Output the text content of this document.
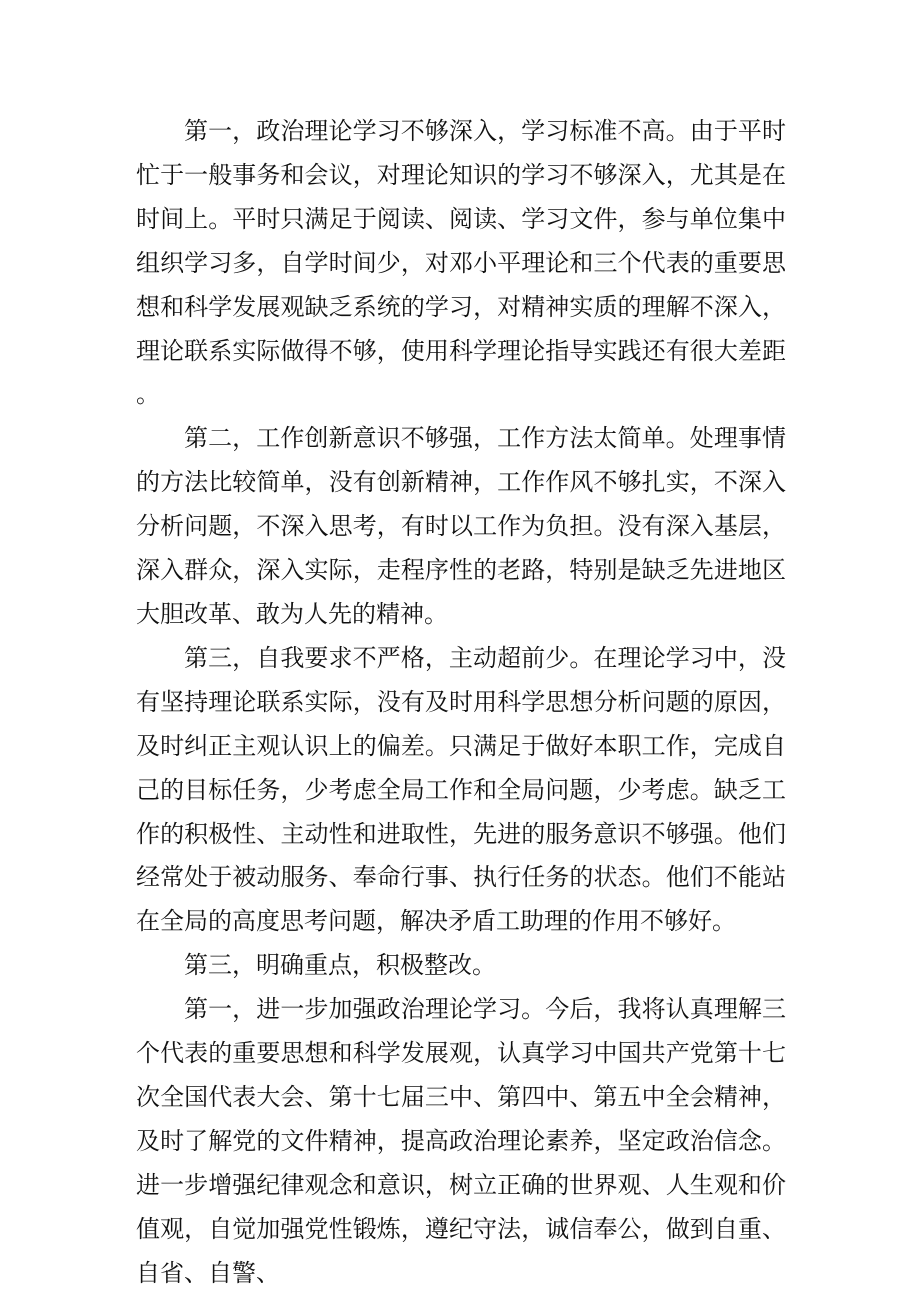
第一，政治理论学习不够深入，学习标准不高。由于平时忙于一般事务和会议，对理论知识的学习不够深入，尤其是在时间上。平时只满足于阅读、阅读、学习文件，参与单位集中组织学习多，自学时间少，对邓小平理论和三个代表的重要思想和科学发展观缺乏系统的学习，对精神实质的理解不深入，理论联系实际做得不够，使用科学理论指导实践还有很大差距。

第二，工作创新意识不够强，工作方法太简单。处理事情的方法比较简单，没有创新精神，工作作风不够扎实，不深入分析问题，不深入思考，有时以工作为负担。没有深入基层，深入群众，深入实际，走程序性的老路，特别是缺乏先进地区大胆改革、敢为人先的精神。

第三，自我要求不严格，主动超前少。在理论学习中，没有坚持理论联系实际，没有及时用科学思想分析问题的原因，及时纠正主观认识上的偏差。只满足于做好本职工作，完成自己的目标任务，少考虑全局工作和全局问题，少考虑。缺乏工作的积极性、主动性和进取性，先进的服务意识不够强。他们经常处于被动服务、奉命行事、执行任务的状态。他们不能站在全局的高度思考问题，解决矛盾工助理的作用不够好。

第三，明确重点，积极整改。

第一，进一步加强政治理论学习。今后，我将认真理解三个代表的重要思想和科学发展观，认真学习中国共产党第十七次全国代表大会、第十七届三中、第四中、第五中全会精神，及时了解党的文件精神，提高政治理论素养，坚定政治信念。进一步增强纪律观念和意识，树立正确的世界观、人生观和价值观，自觉加强党性锻炼，遵纪守法，诚信奉公，做到自重、自省、自警、
